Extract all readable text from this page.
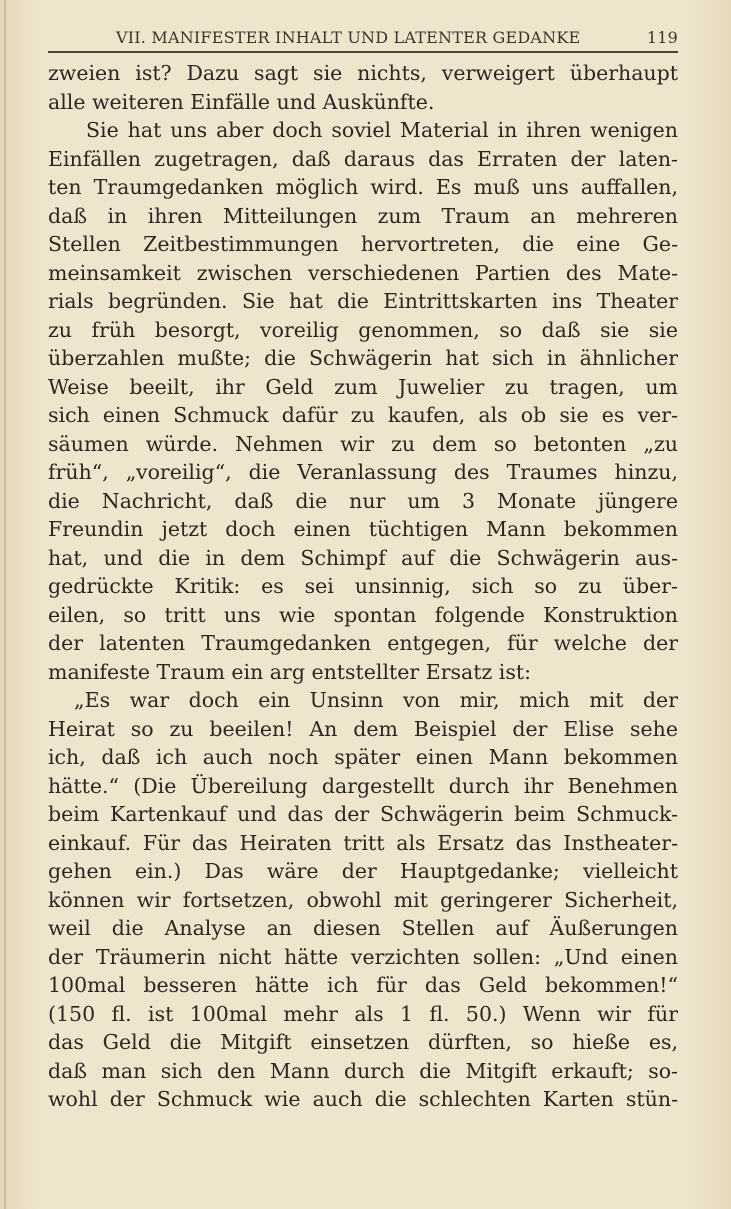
VII. MANIFESTER INHALT UND LATENTER GEDANKE	119
zweien ist? Dazu sagt sie nichts, verweigert überhaupt
alle weiteren Einfälle und Auskünfte.
Sie hat uns aber doch soviel Material in ihren wenigen
Einfällen zugetragen, daß daraus das Erraten der laten-
ten Traumgedanken möglich wird. Es muß uns auffallen,
daß in ihren Mitteilungen zum Traum an mehreren
Stellen Zeitbestimmungen hervortreten, die eine Ge-
meinsamkeit zwischen verschiedenen Partien des Mate-
rials begründen. Sie hat die Eintrittskarten ins Theater
zu früh besorgt, voreilig genommen, so daß sie sie
überzahlen mußte; die Schwägerin hat sich in ähnlicher
Weise beeilt, ihr Geld zum Juwelier zu tragen, um
sich einen Schmuck dafür zu kaufen, als ob sie es ver-
säumen würde. Nehmen wir zu dem so betonten „zu
früh“, „voreilig“, die Veranlassung des Traumes hinzu,
die Nachricht, daß die nur um 3 Monate jüngere
Freundin jetzt doch einen tüchtigen Mann bekommen
hat, und die in dem Schimpf auf die Schwägerin aus-
gedrückte Kritik: es sei unsinnig, sich so zu über-
eilen, so tritt uns wie spontan folgende Konstruktion
der latenten Traumgedanken entgegen, für welche der
manifeste Traum ein arg entstellter Ersatz ist:
„Es war doch ein Unsinn von mir, mich mit der
Heirat so zu beeilen! An dem Beispiel der Elise sehe
ich, daß ich auch noch später einen Mann bekommen
hätte.“ (Die Übereilung dargestellt durch ihr Benehmen
beim Kartenkauf und das der Schwägerin beim Schmuck-
einkauf. Für das Heiraten tritt als Ersatz das Instheater-
gehen ein.) Das wäre der Hauptgedanke; vielleicht
können wir fortsetzen, obwohl mit geringerer Sicherheit,
weil die Analyse an diesen Stellen auf Äußerungen
der Träumerin nicht hätte verzichten sollen: „Und einen
100mal besseren hätte ich für das Geld bekommen!“
(150 fl. ist 100mal mehr als 1 fl. 50.) Wenn wir für
das Geld die Mitgift einsetzen dürften, so hieße es,
daß man sich den Mann durch die Mitgift erkauft; so-
wohl der Schmuck wie auch die schlechten Karten stün-
